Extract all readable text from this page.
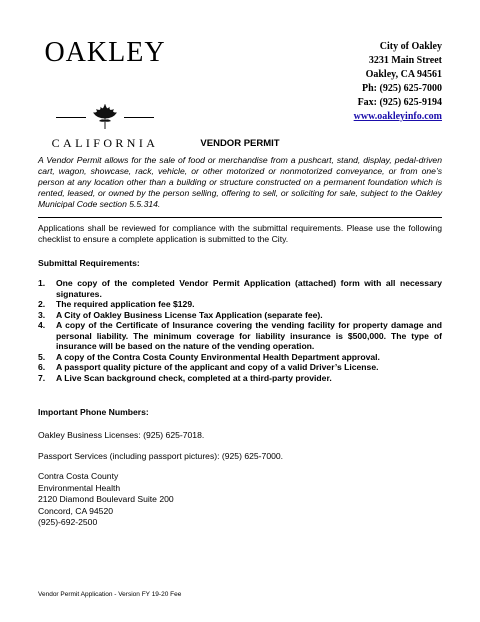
OAKLEY
CALIFORNIA
City of Oakley
3231 Main Street
Oakley, CA 94561
Ph: (925) 625-7000
Fax: (925) 625-9194
www.oakleyinfo.com
VENDOR PERMIT
A Vendor Permit allows for the sale of food or merchandise from a pushcart, stand, display, pedal-driven cart, wagon, showcase, rack, vehicle, or other motorized or nonmotorized conveyance, or from one’s person at any location other than a building or structure constructed on a permanent foundation which is rented, leased, or owned by the person selling, offering to sell, or soliciting for sale, subject to the Oakley Municipal Code section 5.5.314.
Applications shall be reviewed for compliance with the submittal requirements. Please use the following checklist to ensure a complete application is submitted to the City.
Submittal Requirements:
1.	One copy of the completed Vendor Permit Application (attached) form with all necessary signatures.
2.	The required application fee $129.
3.	A City of Oakley Business License Tax Application (separate fee).
4.	A copy of the Certificate of Insurance covering the vending facility for property damage and personal liability. The minimum coverage for liability insurance is $500,000. The type of insurance will be based on the nature of the vending operation.
5.	A copy of the Contra Costa County Environmental Health Department approval.
6.	A passport quality picture of the applicant and copy of a valid Driver’s License.
7.	A Live Scan background check, completed at a third-party provider.
Important Phone Numbers:
Oakley Business Licenses: (925) 625-7018.
Passport Services (including passport pictures): (925) 625-7000.
Contra Costa County
Environmental Health
2120 Diamond Boulevard Suite 200
Concord, CA 94520
(925)-692-2500
Vendor Permit Application - Version FY 19-20 Fee
